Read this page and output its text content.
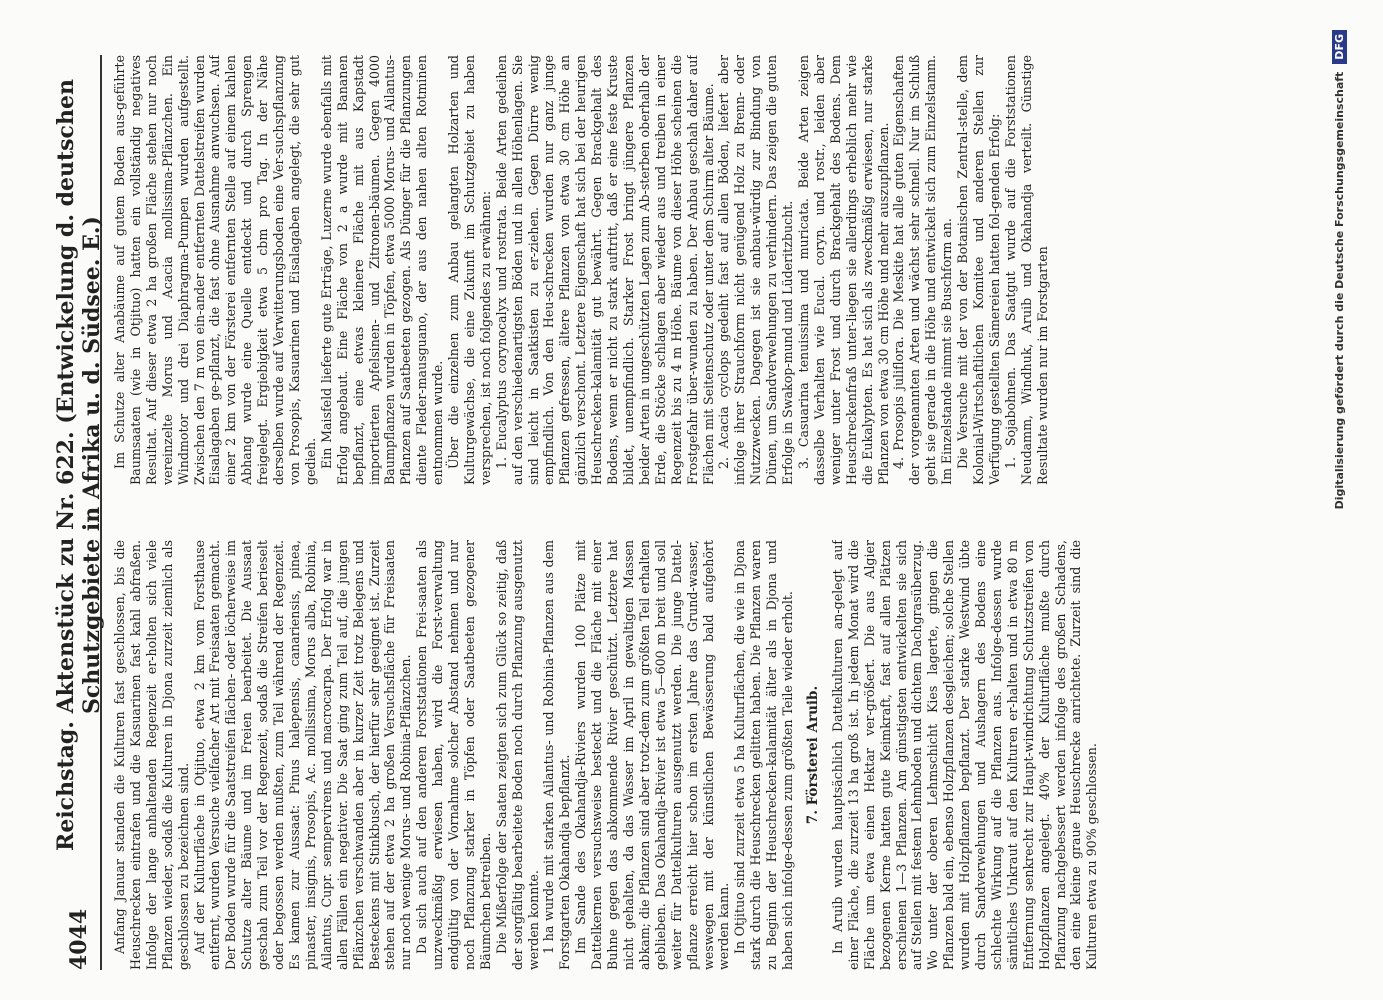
4044
Reichstag. Aktenstück zu Nr. 622. (Entwickelung d. deutschen Schutzgebiete in Afrika u. d. Südsee. E.)

Anfang Januar standen die Kulturen fast geschlossen, bis die Heuschrecken eintrafen und die Kasuarinen fast kahl abfraßen. Infolge der lange anhaltenden Regenzeit er-holten sich viele Pflanzen wieder, sodaß die Kulturen in Djona zurzeit ziemlich als geschlossen zu bezeichnen sind. Auf der Kulturfläche in Otjituo, etwa 2 km vom Forsthause entfernt, wurden Versuche vielfacher Art mit Freisaaten gemacht. Der Boden wurde für die Saatstreifen flächen- oder löcherweise im Schutze alter Bäume und im Freien bearbeitet. Die Aussaat geschah zum Teil vor der Regenzeit, sodaß die Streifen berieselt oder begossen werden mußten, zum Teil während der Regenzeit. Es kamen zur Aussaat: Pinus halepensis, canariensis, pinea, pinaster, insignis, Prosopis, Ac. mollissima, Morus alba, Robinia, Ailantus, Cupr. sempervirens und macrocarpa. Der Erfolg war in allen Fällen ein negativer. Die Saat ging zum Teil auf, die jungen Pflänzchen verschwanden aber in kurzer Zeit trotz Belegens und Besteckens mit Stinkbusch, der hierfür sehr geeignet ist. Zurzeit stehen auf der etwa 2 ha großen Versuchsfläche für Freisaaten nur noch wenige Morus- und Robinia-Pflänzchen. Da sich auch auf den anderen Forststationen Frei-saaten als unzweckmäßig erwiesen haben, wird die Forst-verwaltung endgültig von der Vornahme solcher Abstand nehmen und nur noch Pflanzung starker in Töpfen oder Saatbeeten gezogener Bäumchen betreiben. Die Mißerfolge der Saaten zeigten sich zum Glück so zeitig, daß der sorgfältig bearbeitete Boden noch durch Pflanzung ausgenutzt werden konnte. 1 ha wurde mit starken Ailantus- und Robinia-Pflanzen aus dem Forstgarten Okahandja bepflanzt. Im Sande des Okahandja-Riviers wurden 100 Plätze mit Dattelkernen versuchsweise besteckt und die Fläche mit einer Buhne gegen das abkommende Rivier geschützt. Letztere hat nicht gehalten, da das Wasser im April in gewaltigen Massen abkam; die Pflanzen sind aber trotz-dem zum größten Teil erhalten geblieben. Das Okahandja-Rivier ist etwa 5—600 m breit und soll weiter für Dattelkulturen ausgenutzt werden. Die junge Dattel-pflanze erreicht hier schon im ersten Jahre das Grund-wasser, weswegen mit der künstlichen Bewässerung bald aufgehört werden kann. In Otjituo sind zurzeit etwa 5 ha Kulturflächen, die wie in Djona stark durch die Heuschrecken gelitten haben. Die Pflanzen waren zu Beginn der Heuschrecken-kalamität älter als in Djona und haben sich infolge-dessen zum größten Teile wieder erholt. 7. Försterei Aruib. In Aruib wurden hauptsächlich Dattelkulturen an-gelegt auf einer Fläche, die zurzeit 13 ha groß ist. In jedem Monat wird die Fläche um etwa einen Hektar ver-größert. Die aus Algier bezogenen Kerne hatten gute Keimkraft, fast auf allen Plätzen erschienen 1—3 Pflanzen. Am günstigsten entwickelten sie sich auf Stellen mit festem Lehmboden und dichtem Dachgrasüberzug. Wo unter der oberen Lehmschicht Kies lagerte, gingen die Pflanzen bald ein, ebenso Holzpflanzen desgleichen; solche Stellen wurden mit Holzpflanzen bepflanzt. Der starke Westwind übte durch Sandverwehungen und Aushagern des Bodens eine schlechte Wirkung auf die Pflanzen aus. Infolge-dessen wurde sämtliches Unkraut auf den Kulturen er-halten und in etwa 80 m Entfernung senkrecht zur Haupt-windrichtung Schutzstreifen von Holzpflanzen angelegt. 40% der Kulturfläche mußte durch Pflanzung nachgebessert werden infolge des großen Schadens, den eine kleine graue Heuschrecke anrichtete. Zurzeit sind die Kulturen etwa zu 90% geschlossen.

Im Schutze alter Anabäume auf gutem Boden aus-geführte Baumsaaten (wie in Otjituo) hatten ein vollständig negatives Resultat. Auf dieser etwa 2 ha großen Fläche stehen nur noch vereinzelte Morus und Acacia mollissima-Pflänzchen. Ein Windmotor und drei Diaphragma-Pumpen wurden aufgestellt. Zwischen den 7 m von ein-ander entfernten Dattelstreifen wurden Eisalagaben ge-pflanzt, die fast ohne Ausnahme anwuchsen. Auf einer 2 km von der Försterei entfernten Stelle auf einem kahlen Abhang wurde eine Quelle entdeckt und durch Sprengen freigelegt. Ergiebigkeit etwa 5 cbm pro Tag. In der Nähe derselben wurde auf Verwitterungsboden eine Ver-suchspflanzung von Prosopis, Kasuarinen und Eisalagaben angelegt, die sehr gut gedieh. Ein Maisfeld lieferte gute Erträge, Luzerne wurde ebenfalls mit Erfolg angebaut. Eine Fläche von 2 a wurde mit Bananen bepflanzt, eine etwas kleinere Fläche mit aus Kapstadt importierten Apfelsinen- und Zitronen-bäumen. Gegen 4000 Baumpflanzen wurden in Töpfen, etwa 5000 Morus- und Ailantus-Pflanzen auf Saatbeeten gezogen. Als Dünger für die Pflanzungen diente Fleder-mausguano, der aus den nahen alten Rotminen entnommen wurde. Über die einzelnen zum Anbau gelangten Holzarten und Kulturgewächse, die eine Zukunft im Schutzgebiet zu haben versprechen, ist noch folgendes zu erwähnen: 1. Eucalyptus corynocalyx und rostrata. Beide Arten gedeihen auf den verschiedenartigsten Böden und in allen Höhenlagen. Sie sind leicht in Saatkisten zu er-ziehen. Gegen Dürre wenig empfindlich. Von den Heu-schrecken wurden nur ganz junge Pflanzen gefressen, ältere Pflanzen von etwa 30 cm Höhe an gänzlich verschont. Letztere Eigenschaft hat sich bei der heurigen Heuschrecken-kalamität gut bewährt. Gegen Brackgehalt des Bodens, wenn er nicht zu stark auftritt, daß er eine feste Kruste bildet, unempfindlich. Starker Frost bringt jüngere Pflanzen beider Arten in ungeschützten Lagen zum Ab-sterben oberhalb der Erde, die Stöcke schlagen aber wieder aus und treiben in einer Regenzeit bis zu 4 m Höhe. Bäume von dieser Höhe scheinen die Frostgefahr über-wunden zu haben. Der Anbau geschah daher auf Flächen mit Seitenschutz oder unter dem Schirm alter Bäume. 2. Acacia cyclops gedeiht fast auf allen Böden, liefert aber infolge ihrer Strauchform nicht genügend Holz zu Brenn- oder Nutzzwecken. Dagegen ist sie anbau-würdig zur Bindung von Dünen, um Sandverwehungen zu verhindern. Das zeigen die guten Erfolge in Swakop-mund und Lüderitzbucht. 3. Casuarina tenuissima und muricata. Beide Arten zeigen dasselbe Verhalten wie Eucal. coryn. und rostr., leiden aber weniger unter Frost und durch Brackgehalt des Bodens. Dem Heuschreckenfraß unter-liegen sie allerdings erheblich mehr wie die Eukalypten. Es hat sich als zweckmäßig erwiesen, nur starke Pflanzen von etwa 30 cm Höhe und mehr auszupflanzen. 4. Prosopis juliflora. Die Meskite hat alle guten Eigenschaften der vorgenannten Arten und wächst sehr schnell. Nur im Schluß geht sie gerade in die Höhe und entwickelt sich zum Einzelstamm. Im Einzelstande nimmt sie Buschform an. Die Versuche mit der von der Botanischen Zentral-stelle, dem Kolonial-Wirtschaftlichen Komitee und anderen Stellen zur Verfügung gestellten Sämereien hatten fol-genden Erfolg: 1. Sojabohnen. Das Saatgut wurde auf die Forststationen Neudamm, Windhuk, Aruib und Okahandja verteilt. Günstige Resultate wurden nur im Forstgarten	Digitalisierung gefördert durch die Deutsche Forschungsgemeinschaft
DFG
